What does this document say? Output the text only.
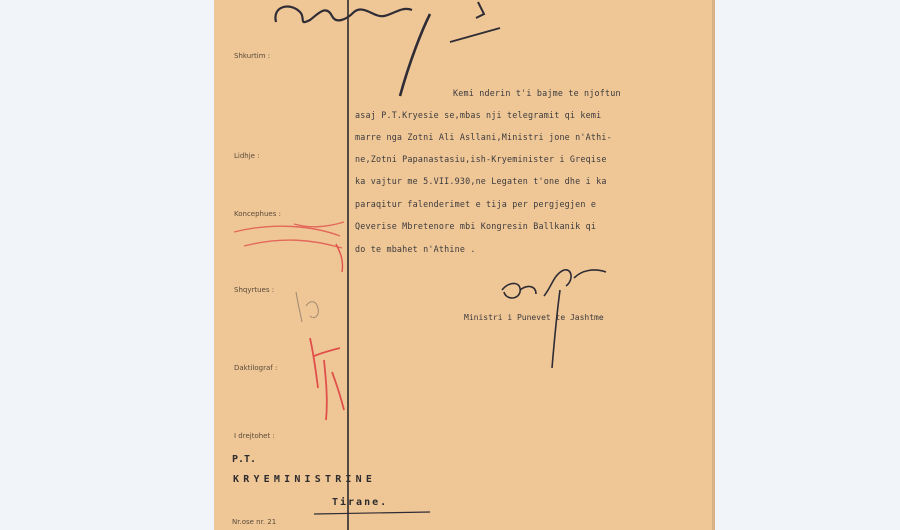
Shkurtim :
Lidhje :
Koncephues :
Shqyrtues :
Daktilograf :
I drejtohet :
Kemi nderin t'i bajme te njoftun
asaj P.T.Kryesie se,mbas nji telegramit qi kemi
marre nga Zotni Ali Asllani,Ministri jone n'Athi-
ne,Zotni Papanastasiu,ish-Kryeminister i Greqise
ka vajtur me 5.VII.930,ne Legaten t'one dhe i ka
paraqitur falenderimet e tija per pergjegjen e
Qeverise Mbretenore mbi Kongresin Ballkanik qi
do te mbahet n'Athine .
Ministri i Punevet te Jashtme
P.T.
KRYEMINISTRINE
Tirane.
Nr.ose nr. 21
